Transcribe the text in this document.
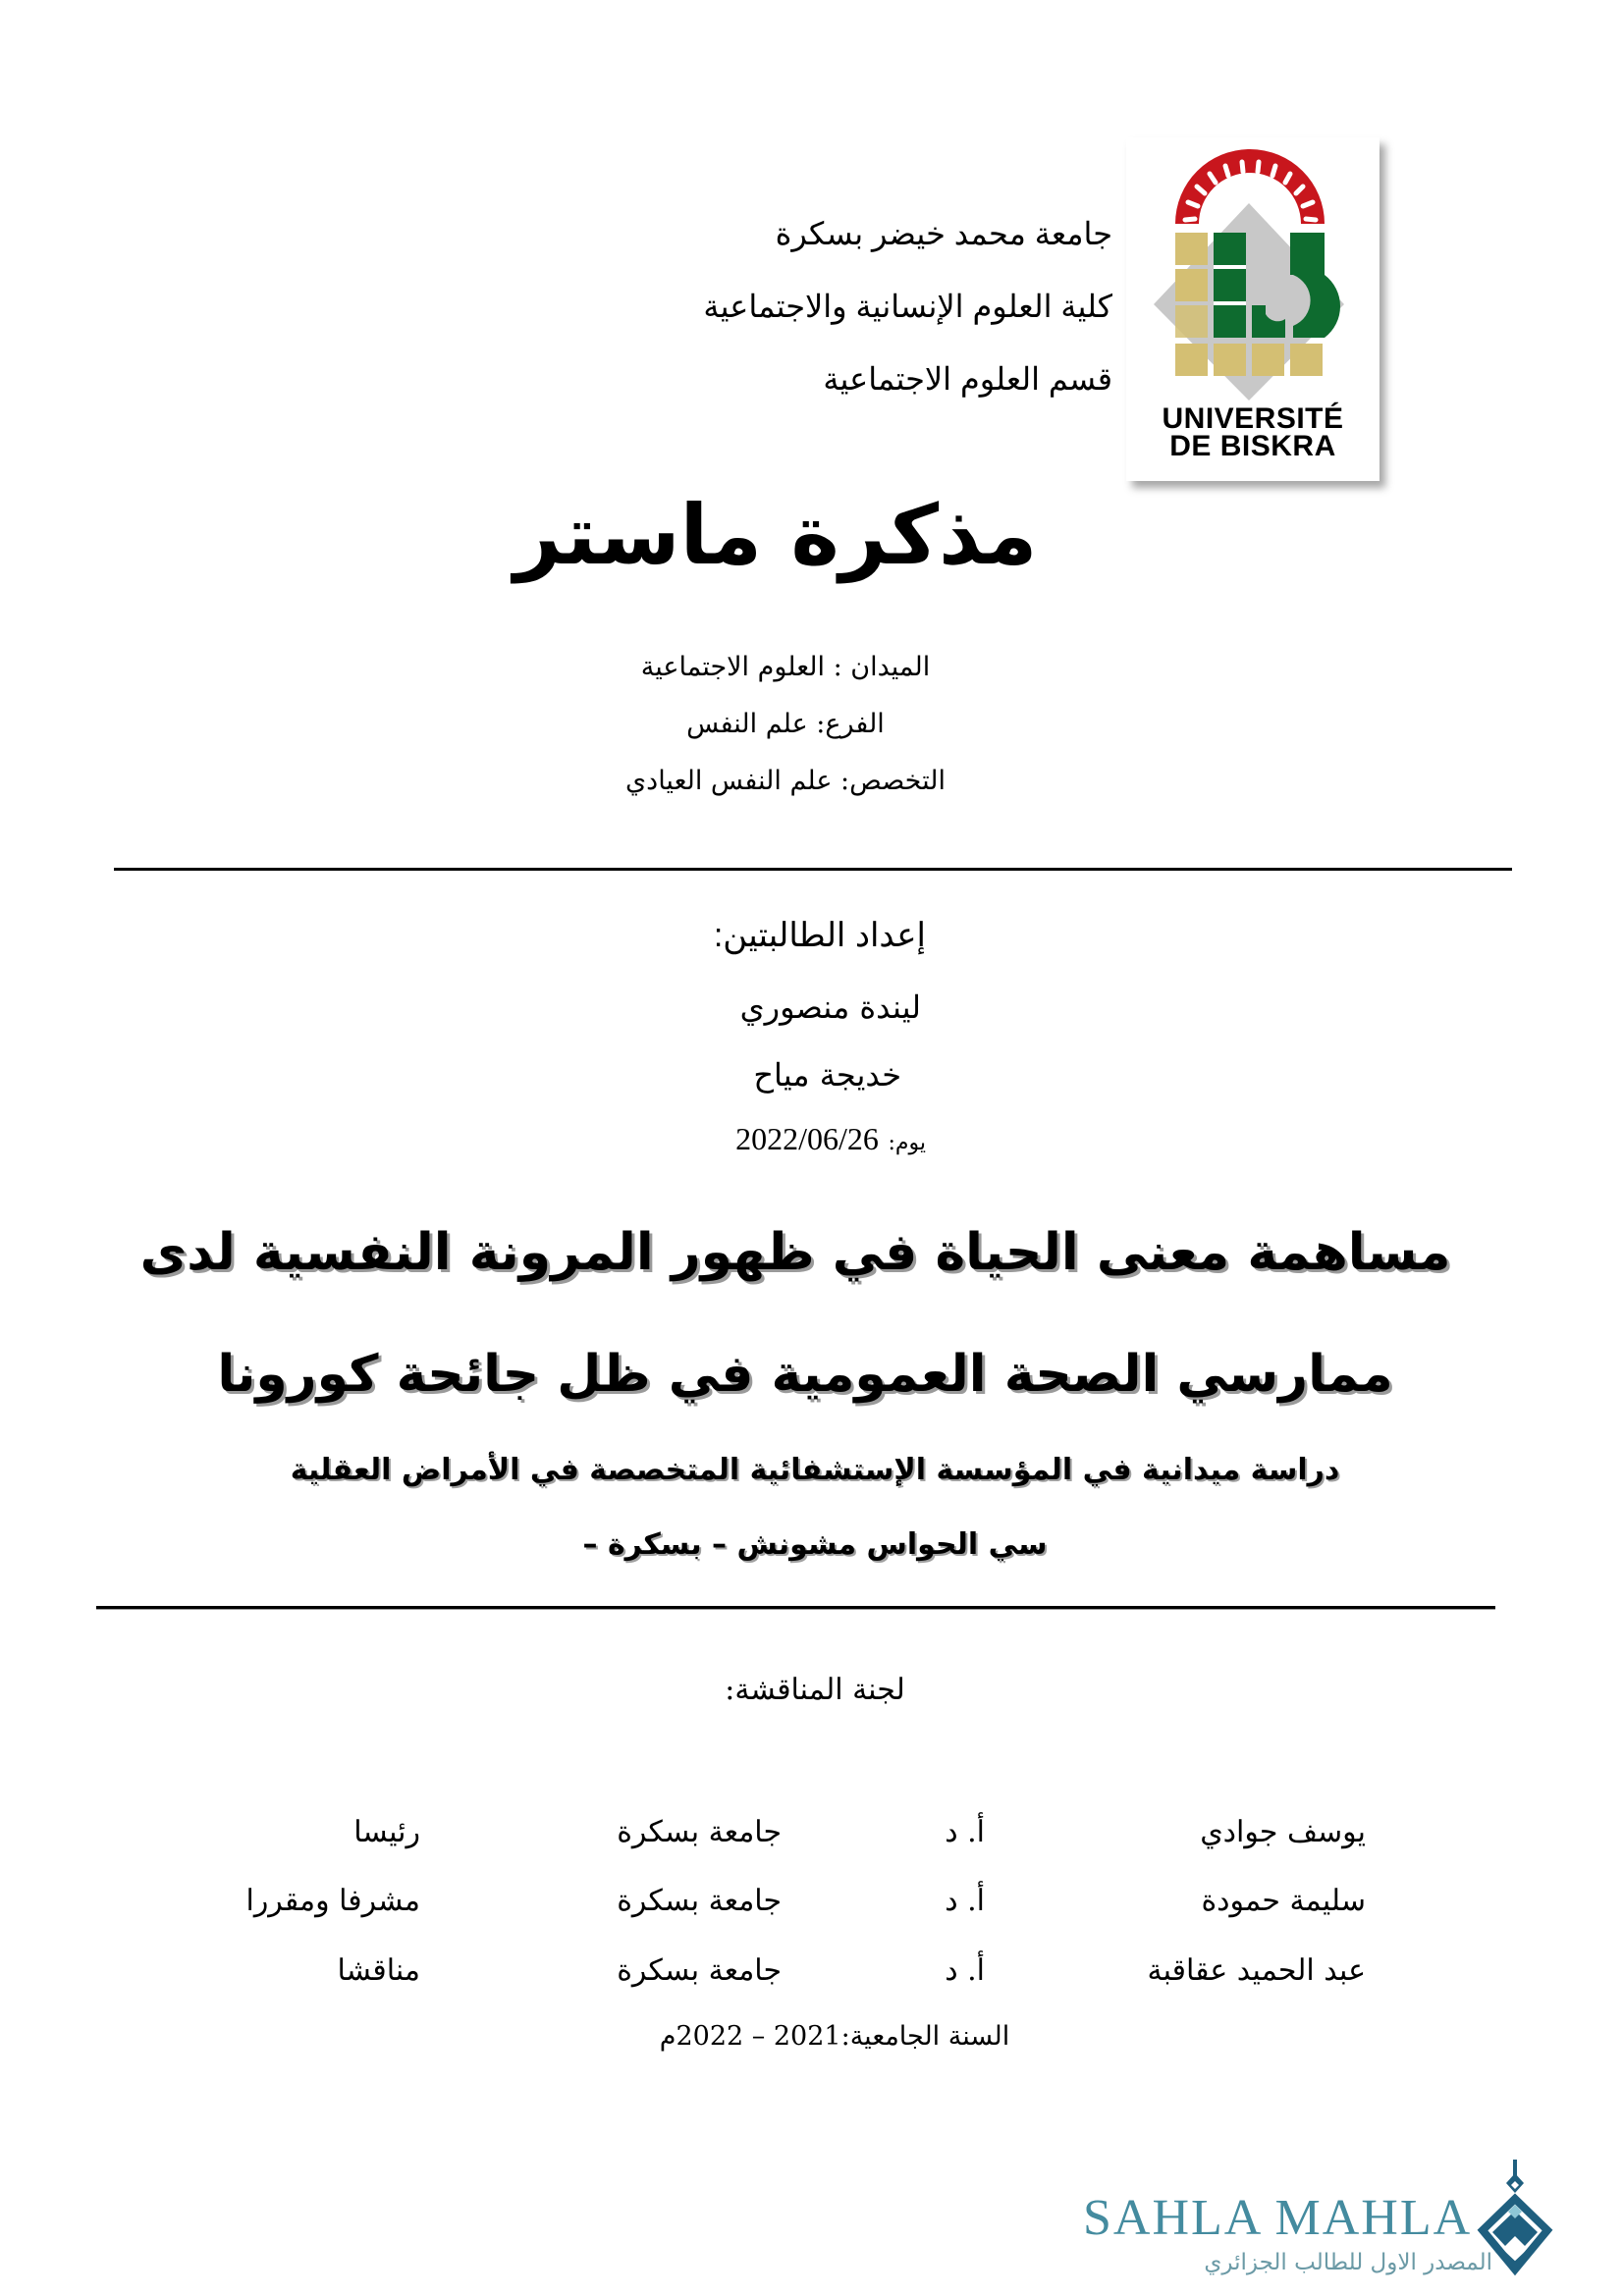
جامعة محمد خيضر بسكرة
كلية العلوم الإنسانية والاجتماعية
قسم العلوم الاجتماعية
UNIVERSITÉ
DE BISKRA
مذكرة ماستر
الميدان : العلوم الاجتماعية
الفرع: علم النفس
التخصص: علم النفس العيادي
إعداد الطالبتين:
ليندة منصوري
خديجة مياح
يوم: 2022/06/26
مساهمة معنى الحياة في ظهور المرونة النفسية لدى
ممارسي الصحة العمومية في ظل جائحة كورونا
دراسة ميدانية في المؤسسة الإستشفائية المتخصصة في الأمراض العقلية
سي الحواس مشونش – بسكرة –
لجنة المناقشة:
يوسف جوادي
أ. د
جامعة بسكرة
رئيسا
سليمة حمودة
أ. د
جامعة بسكرة
مشرفا ومقررا
عبد الحميد عقاقبة
أ. د
جامعة بسكرة
مناقشا
السنة الجامعية:2021 – 2022م
SAHLA MAHLA
المصدر الاول للطالب الجزائري
